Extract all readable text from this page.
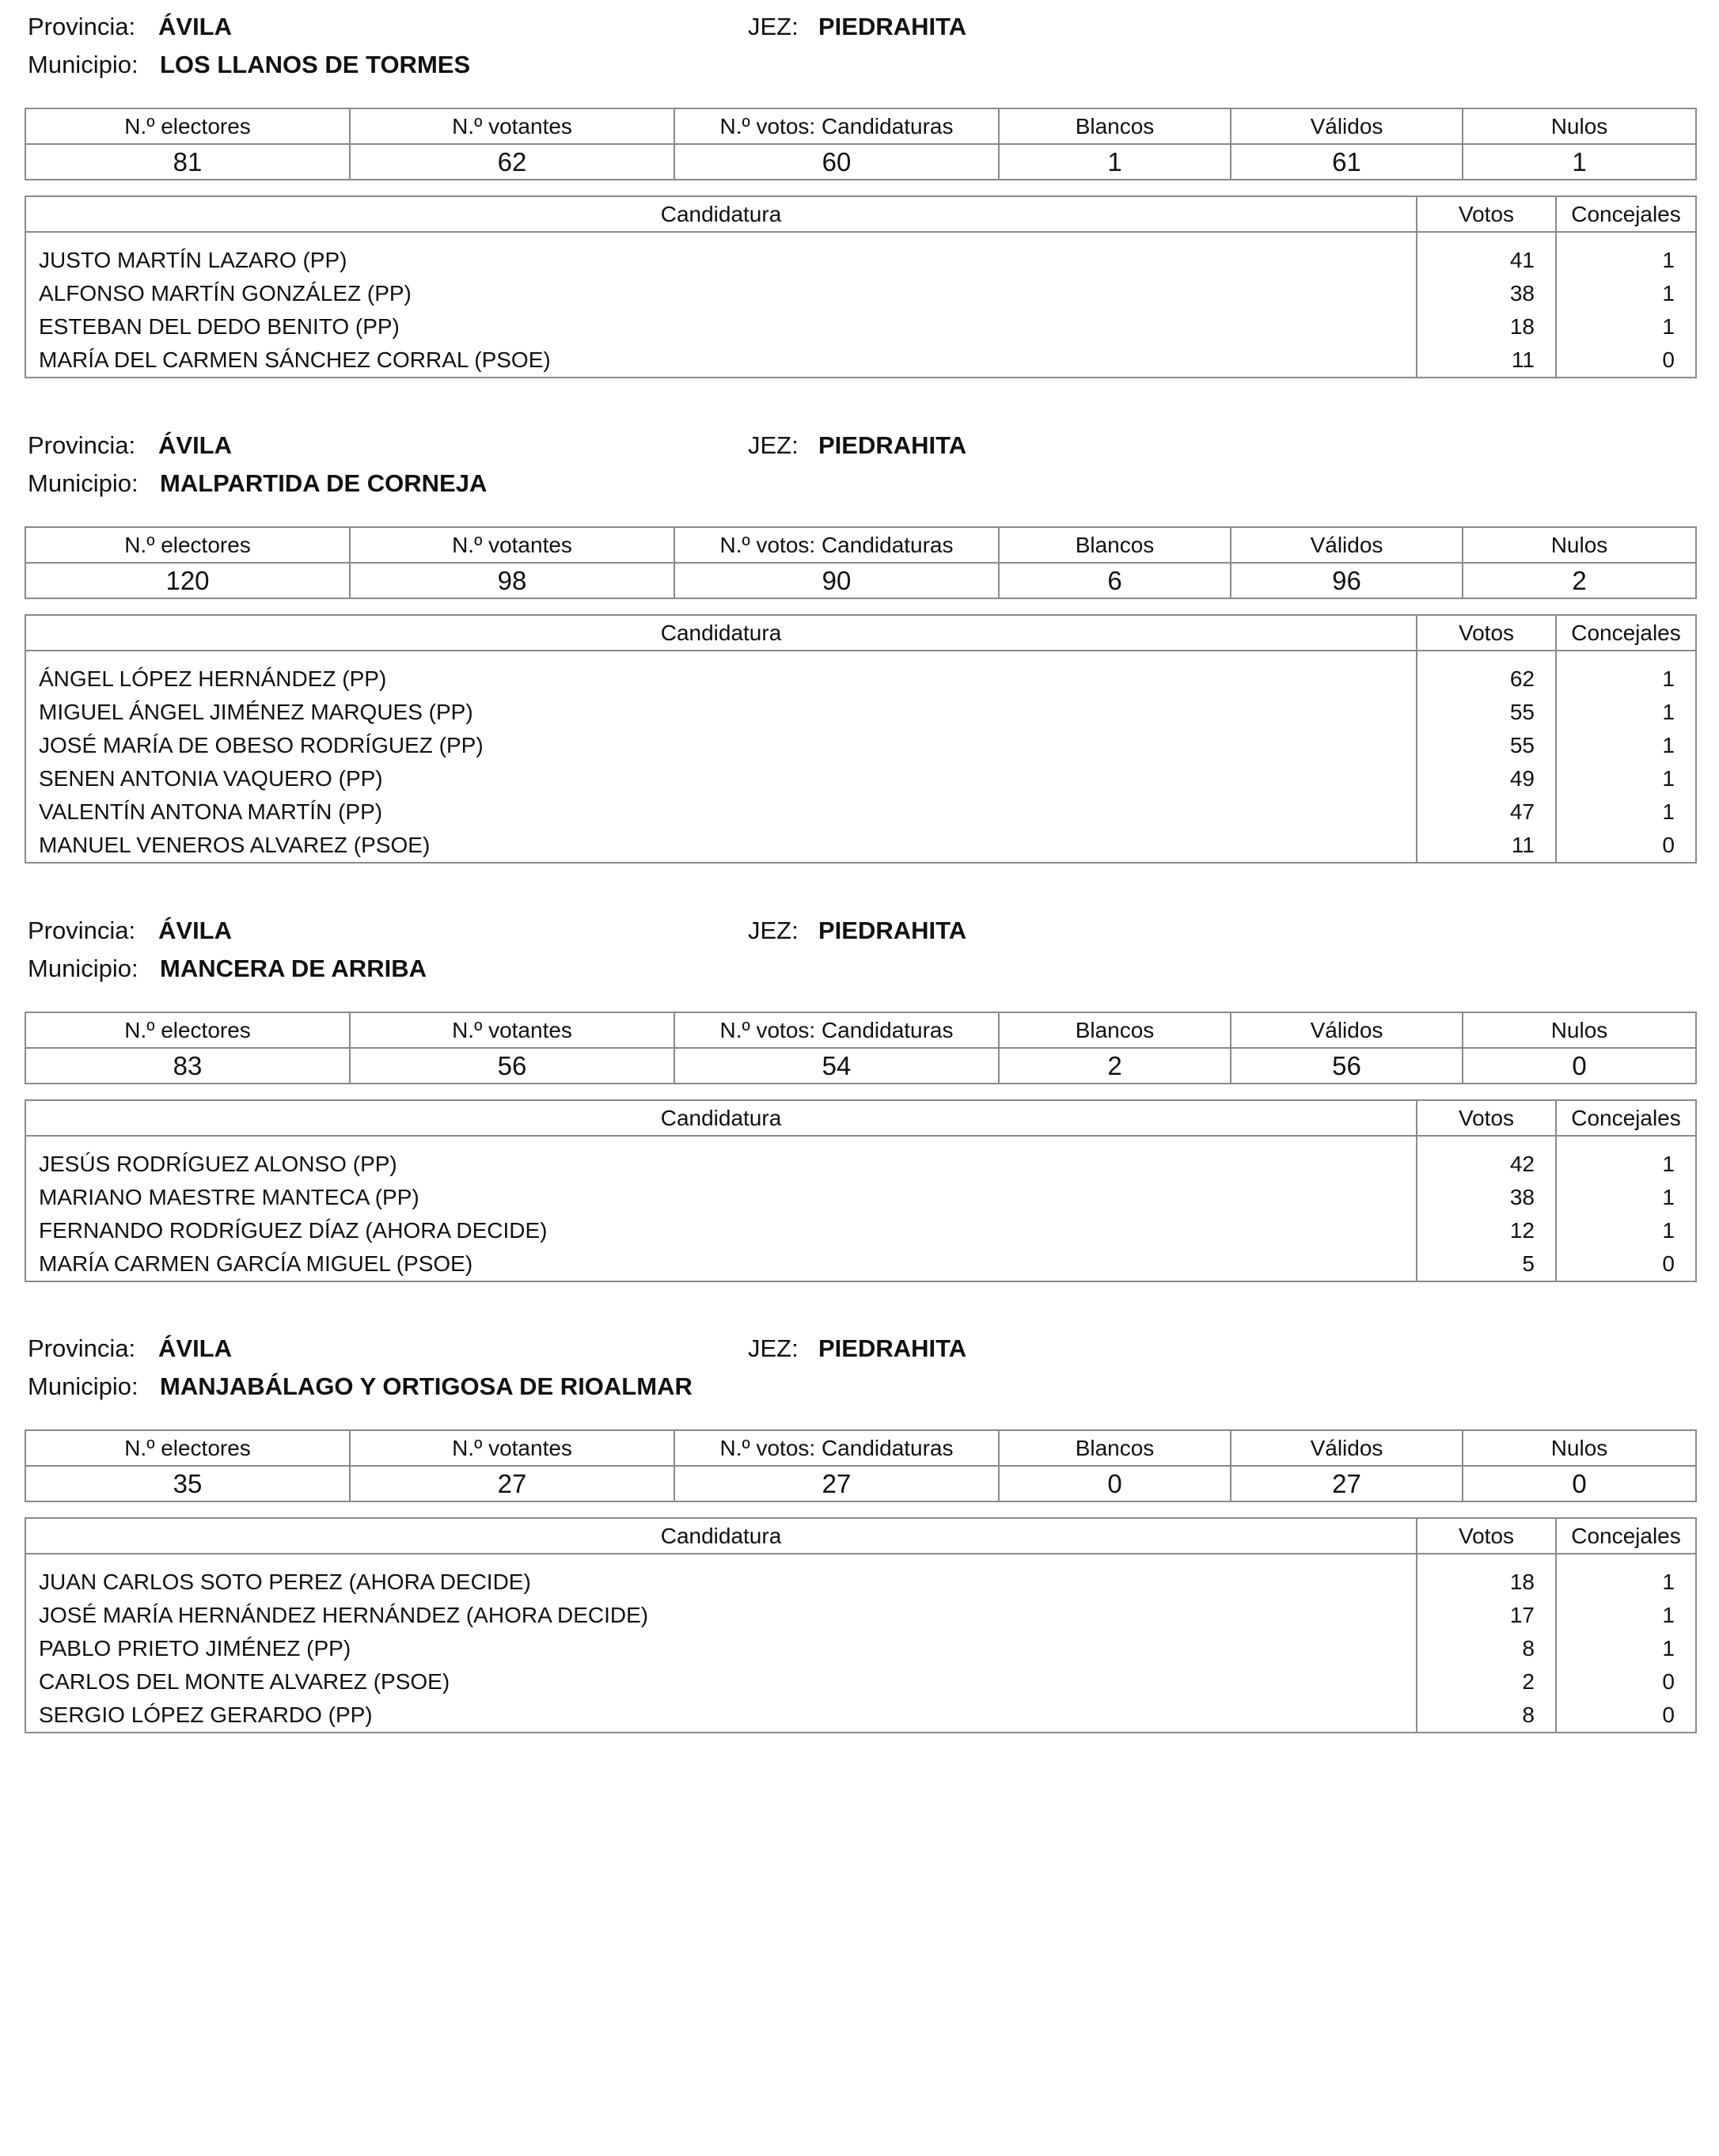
Provincia: ÁVILA	JEZ: PIEDRAHITA
Municipio: LOS LLANOS DE TORMES
N.º electores	N.º votantes	N.º votos: Candidaturas	Blancos	Válidos	Nulos
81	62	60	1	61	1
Candidatura	Votos	Concejales

JUSTO MARTÍN LAZARO (PP)	41	1
ALFONSO MARTÍN GONZÁLEZ (PP)	38	1
ESTEBAN DEL DEDO BENITO (PP)	18	1
MARÍA DEL CARMEN SÁNCHEZ CORRAL (PSOE)	11	0
Provincia: ÁVILA	JEZ: PIEDRAHITA
Municipio: MALPARTIDA DE CORNEJA
N.º electores	N.º votantes	N.º votos: Candidaturas	Blancos	Válidos	Nulos
120	98	90	6	96	2
Candidatura	Votos	Concejales

ÁNGEL LÓPEZ HERNÁNDEZ (PP)	62	1
MIGUEL ÁNGEL JIMÉNEZ MARQUES (PP)	55	1
JOSÉ MARÍA DE OBESO RODRÍGUEZ (PP)	55	1
SENEN ANTONIA VAQUERO (PP)	49	1
VALENTÍN ANTONA MARTÍN (PP)	47	1
MANUEL VENEROS ALVAREZ (PSOE)	11	0
Provincia: ÁVILA	JEZ: PIEDRAHITA
Municipio: MANCERA DE ARRIBA
N.º electores	N.º votantes	N.º votos: Candidaturas	Blancos	Válidos	Nulos
83	56	54	2	56	0
Candidatura	Votos	Concejales

JESÚS RODRÍGUEZ ALONSO (PP)	42	1
MARIANO MAESTRE MANTECA (PP)	38	1
FERNANDO RODRÍGUEZ DÍAZ (AHORA DECIDE)	12	1
MARÍA CARMEN GARCÍA MIGUEL (PSOE)	5	0
Provincia: ÁVILA	JEZ: PIEDRAHITA
Municipio: MANJABÁLAGO Y ORTIGOSA DE RIOALMAR
N.º electores	N.º votantes	N.º votos: Candidaturas	Blancos	Válidos	Nulos
35	27	27	0	27	0
Candidatura	Votos	Concejales

JUAN CARLOS SOTO PEREZ (AHORA DECIDE)	18	1
JOSÉ MARÍA HERNÁNDEZ HERNÁNDEZ (AHORA DECIDE)	17	1
PABLO PRIETO JIMÉNEZ (PP)	8	1
CARLOS DEL MONTE ALVAREZ (PSOE)	2	0
SERGIO LÓPEZ GERARDO (PP)	8	0
